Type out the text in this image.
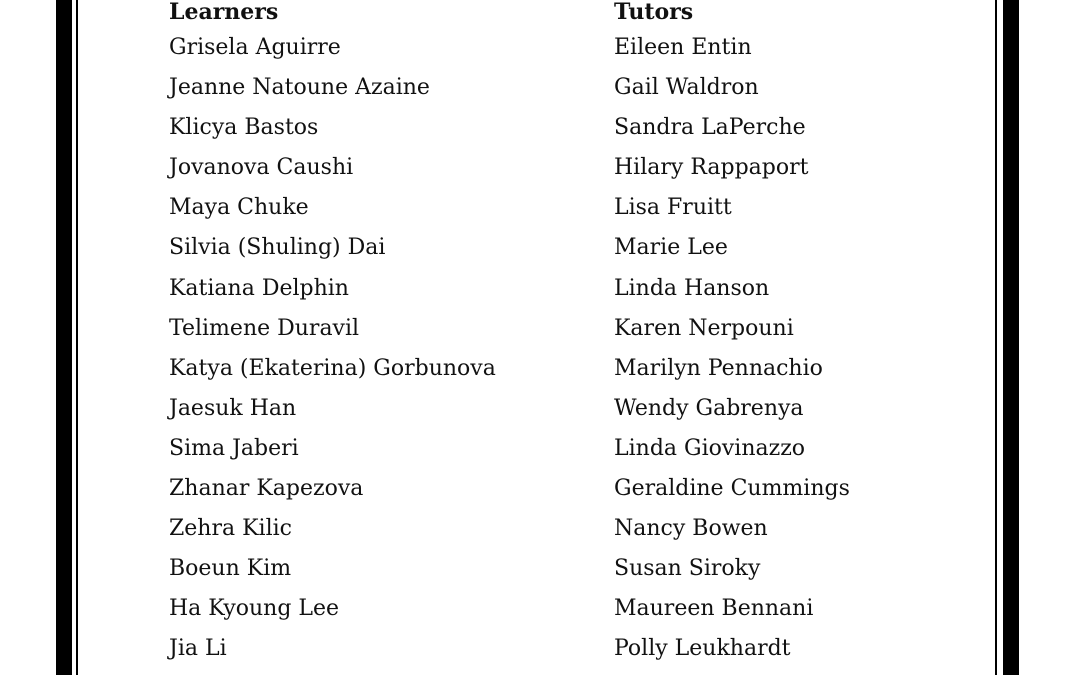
Learners
Grisela Aguirre
Jeanne Natoune Azaine
Klicya Bastos
Jovanova Caushi
Maya Chuke
Silvia (Shuling) Dai
Katiana Delphin
Telimene Duravil
Katya (Ekaterina) Gorbunova
Jaesuk Han
Sima Jaberi
Zhanar Kapezova
Zehra Kilic
Boeun Kim
Ha Kyoung Lee
Jia Li
Tutors
Eileen Entin
Gail Waldron
Sandra LaPerche
Hilary Rappaport
Lisa Fruitt
Marie Lee
Linda Hanson
Karen Nerpouni
Marilyn Pennachio
Wendy Gabrenya
Linda Giovinazzo
Geraldine Cummings
Nancy Bowen
Susan Siroky
Maureen Bennani
Polly Leukhardt
